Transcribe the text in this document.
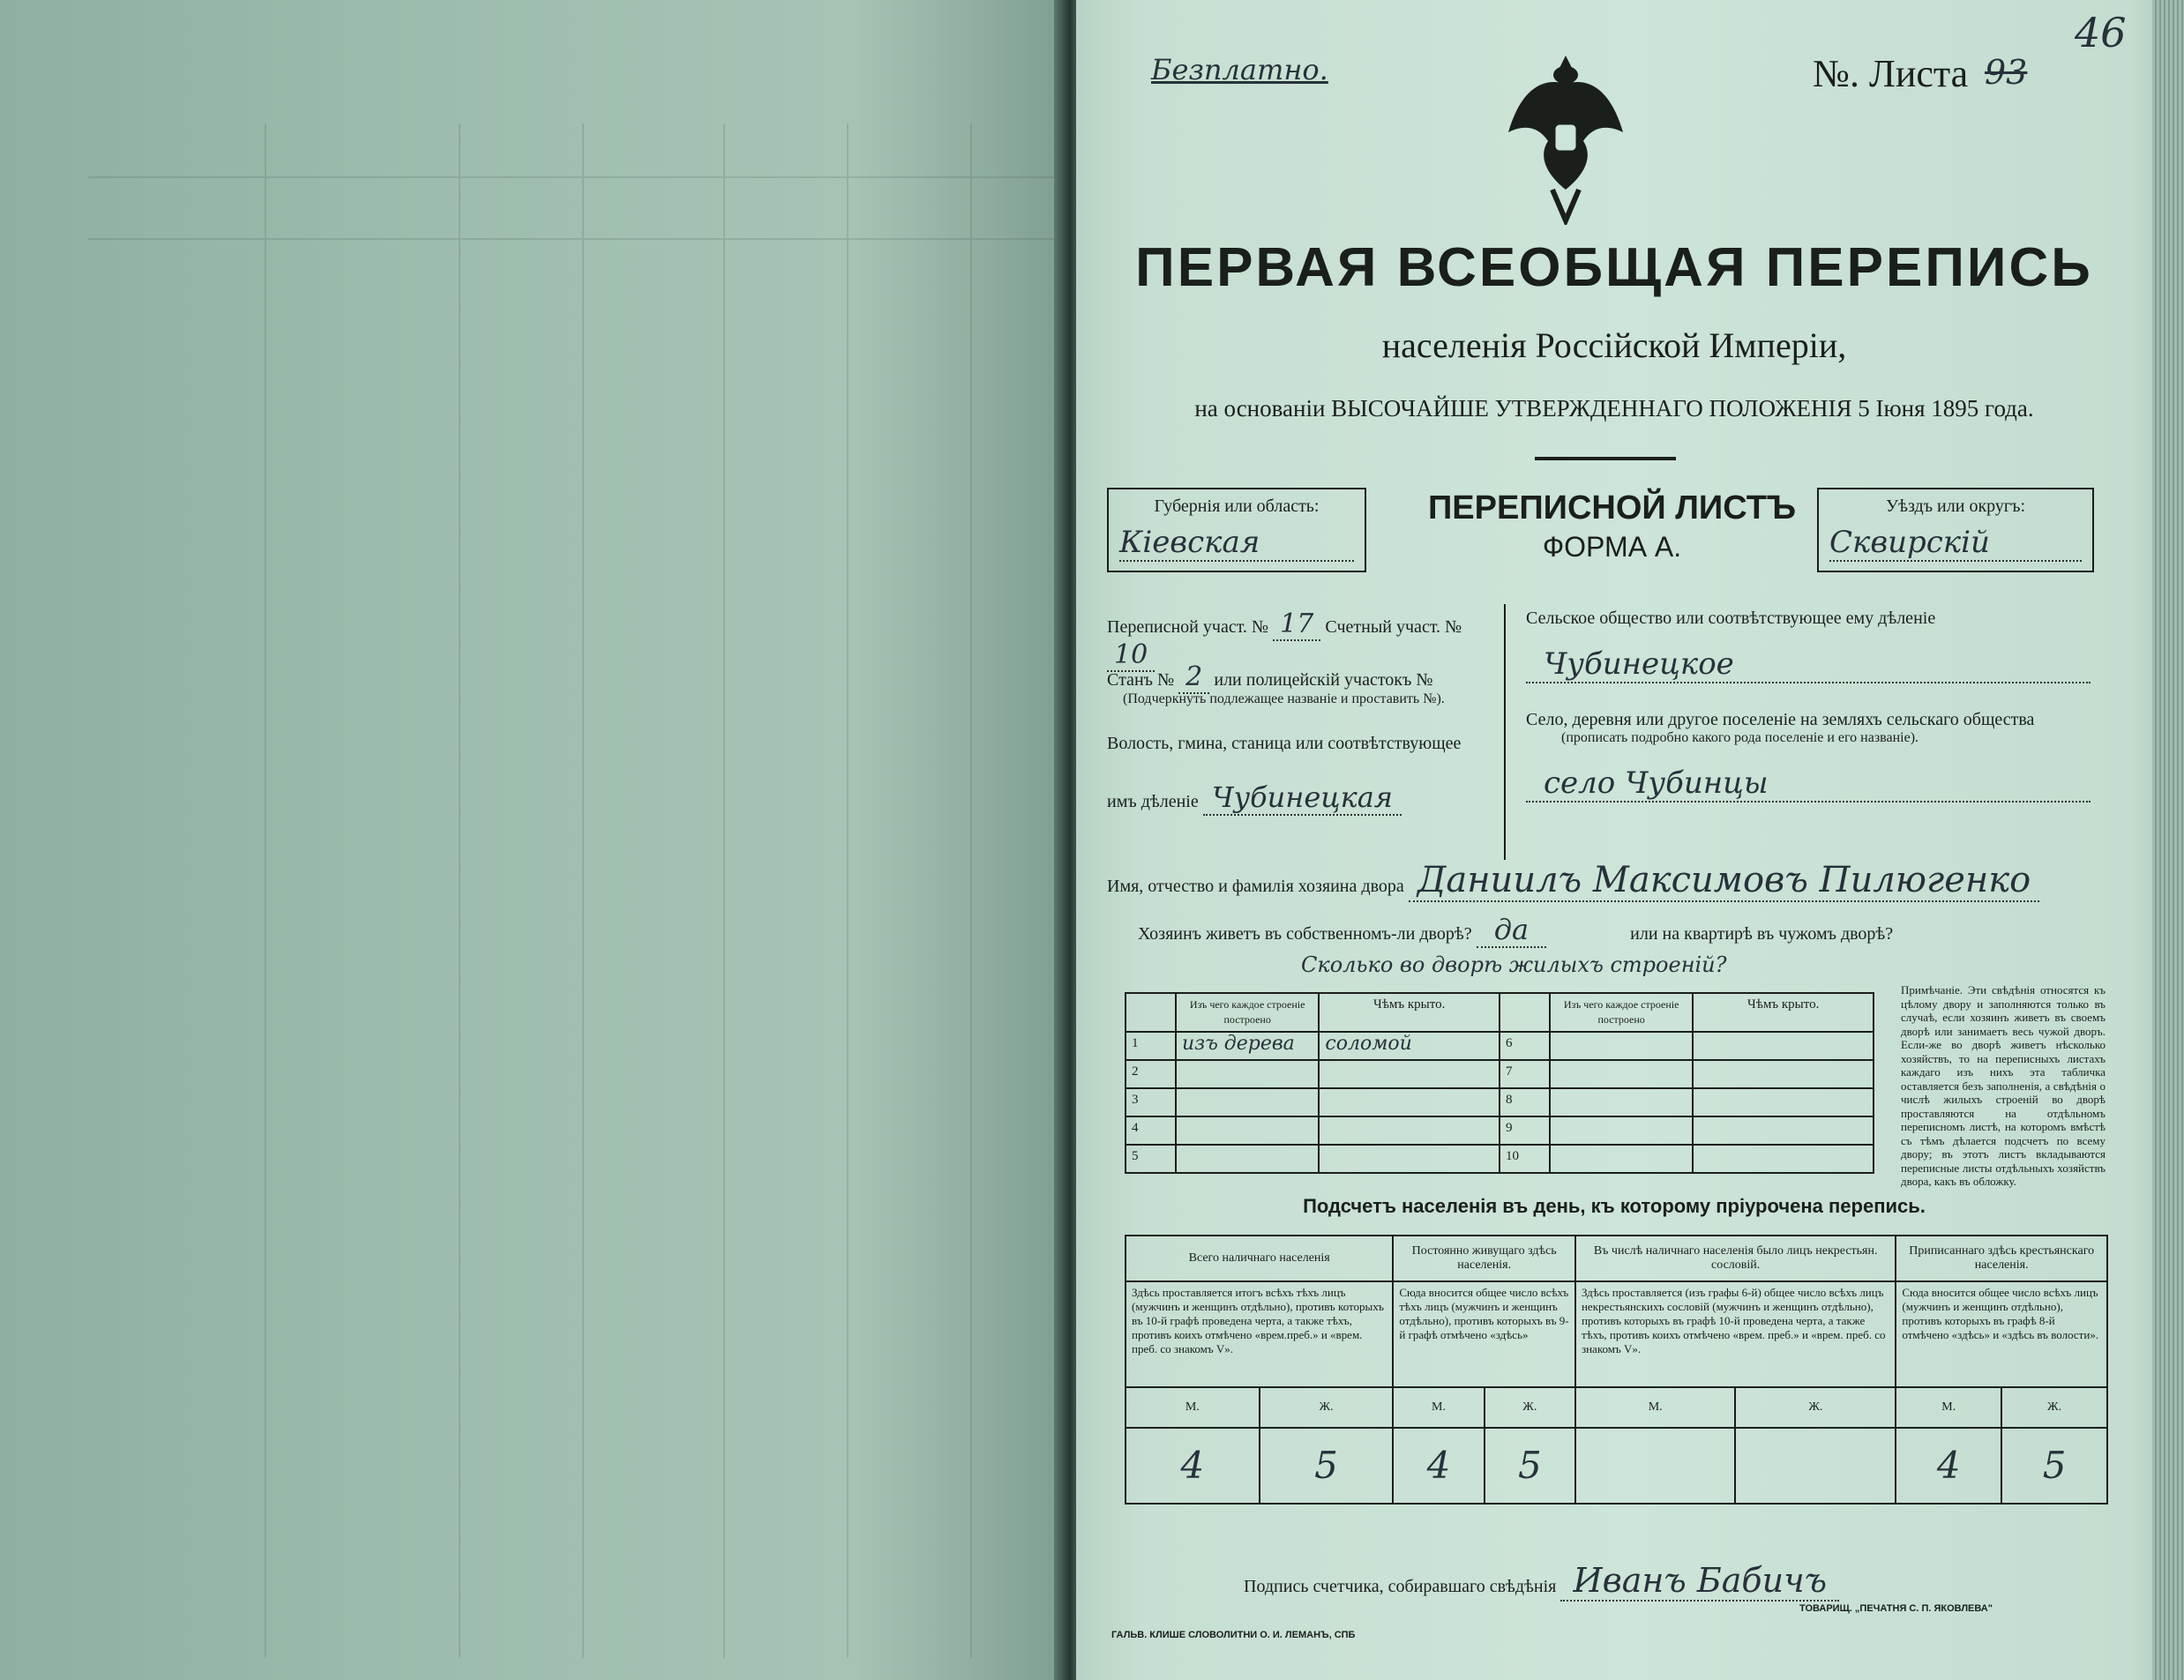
Безплатно.	№. Листа 93
46
ПЕРВАЯ ВСЕОБЩАЯ ПЕРЕПИСЬ
населенія Россійской Имперіи,
на основаніи ВЫСОЧАЙШЕ УТВЕРЖДЕННАГО ПОЛОЖЕНІЯ 5 Іюня 1895 года.
Губернія или область:
Кіевская
ПЕРЕПИСНОЙ ЛИСТЪ
ФОРМА А.
Уѣздъ или округъ:
Сквирскій
Переписной участ. № 17 Счетный участ. № 10
Станъ № 2 или полицейскій участокъ №
(Подчеркнуть подлежащее названіе и проставить №).
Волость, гмина, станица или соотвѣтствующее
имъ дѣленіе Чубинецкая
Сельское общество или соотвѣтствующее ему дѣленіе
Чубинецкое
Село, деревня или другое поселеніе на земляхъ сельскаго общества
(прописать подробно какого рода поселеніе и его названіе).
село Чубинцы
Имя, отчество и фамилія хозяина двора Даниилъ Максимовъ Пилюгенко
Хозяинъ живетъ въ собственномъ-ли дворѣ? да	или на квартирѣ въ чужомъ дворѣ?
Сколько во дворѣ жилыхъ строеній?
	Изъ чего каждое строеніе построено	Чѣмъ крыто.		Изъ чего каждое строеніе построено	Чѣмъ крыто.
1	изъ дерева	соломой	6		
2			7		
3			8		
4			9		
5			10		
Примѣчаніе. Эти свѣдѣнія относятся къ цѣлому двору и заполняются только въ случаѣ, если хозяинъ живетъ въ своемъ дворѣ или занимаетъ весь чужой дворъ. Если-же во дворѣ живетъ нѣсколько хозяйствъ, то на переписныхъ листахъ каждаго изъ нихъ эта табличка оставляется безъ заполненія, а свѣдѣнія о числѣ жилыхъ строеній во дворѣ проставляются на отдѣльномъ переписномъ листѣ, на которомъ вмѣстѣ съ тѣмъ дѣлается подсчетъ по всему двору; въ этотъ листъ вкладываются переписные листы отдѣльныхъ хозяйствъ двора, какъ въ обложку.
Подсчетъ населенія въ день, къ которому пріурочена перепись.
Всего наличнаго населенія		Постоянно живущаго здѣсь населенія.		Въ числѣ наличнаго населенія было лицъ некрестьян. сословій.		Приписаннаго здѣсь крестьянскаго населенія.	
Здѣсь проставляется итогъ всѣхъ тѣхъ лицъ (мужчинъ и женщинъ отдѣльно), противъ которыхъ въ 10-й графѣ проведена черта, а также тѣхъ, противъ коихъ отмѣчено «врем.преб.» и «врем. преб. со знакомъ V».		Сюда вносится общее число всѣхъ тѣхъ лицъ (мужчинъ и женщинъ отдѣльно), противъ которыхъ въ 9-й графѣ отмѣчено «здѣсь»		Здѣсь проставляется (изъ графы 6-й) общее число всѣхъ лицъ некрестьянскихъ сословій (мужчинъ и женщинъ отдѣльно), противъ которыхъ въ графѣ 10-й проведена черта, а также тѣхъ, противъ коихъ отмѣчено «врем. преб.» и «врем. преб. со знакомъ V».		Сюда вносится общее число всѣхъ лицъ (мужчинъ и женщинъ отдѣльно), противъ которыхъ въ графѣ 8-й отмѣчено «здѣсь» и «здѣсь въ волости».	
М.	Ж.	М.	Ж.	М.	Ж.	М.	Ж.
4	5	4	5			4	5
Подпись счетчика, собиравшаго свѣдѣнія Иванъ Бабичъ
ГАЛЬВ. КЛИШЕ СЛОВОЛИТНИ О. И. ЛЕМАНЪ, СПБ
ТОВАРИЩ. „ПЕЧАТНЯ С. П. ЯКОВЛЕВА"
